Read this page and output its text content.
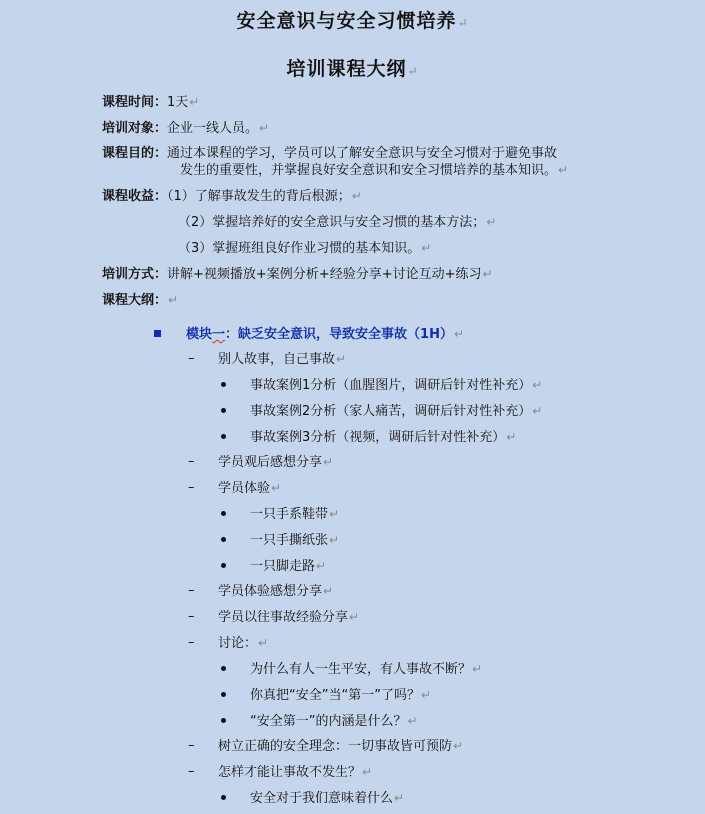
安全意识与安全习惯培养↵
培训课程大纲↵
课程时间：1天↵
培训对象：企业一线人员。↵
课程目的：通过本课程的学习，学员可以了解安全意识与安全习惯对于避免事故
发生的重要性，并掌握良好安全意识和安全习惯培养的基本知识。↵
课程收益：（1）了解事故发生的背后根源；↵
（2）掌握培养好的安全意识与安全习惯的基本方法；↵
（3）掌握班组良好作业习惯的基本知识。↵
培训方式：讲解+视频播放+案例分析+经验分享+讨论互动+练习↵
课程大纲：↵
模块一：缺乏安全意识，导致安全事故（1H）↵
– 别人故事，自己事故↵
事故案例1分析（血腥图片，调研后针对性补充）↵
事故案例2分析（家人痛苦，调研后针对性补充）↵
事故案例3分析（视频，调研后针对性补充）↵
– 学员观后感想分享↵
– 学员体验↵
一只手系鞋带↵
一只手撕纸张↵
一只脚走路↵
– 学员体验感想分享↵
– 学员以往事故经验分享↵
– 讨论：↵
为什么有人一生平安，有人事故不断？↵
你真把“安全”当“第一”了吗？↵
“安全第一”的内涵是什么？↵
– 树立正确的安全理念：一切事故皆可预防↵
– 怎样才能让事故不发生？↵
安全对于我们意味着什么↵
